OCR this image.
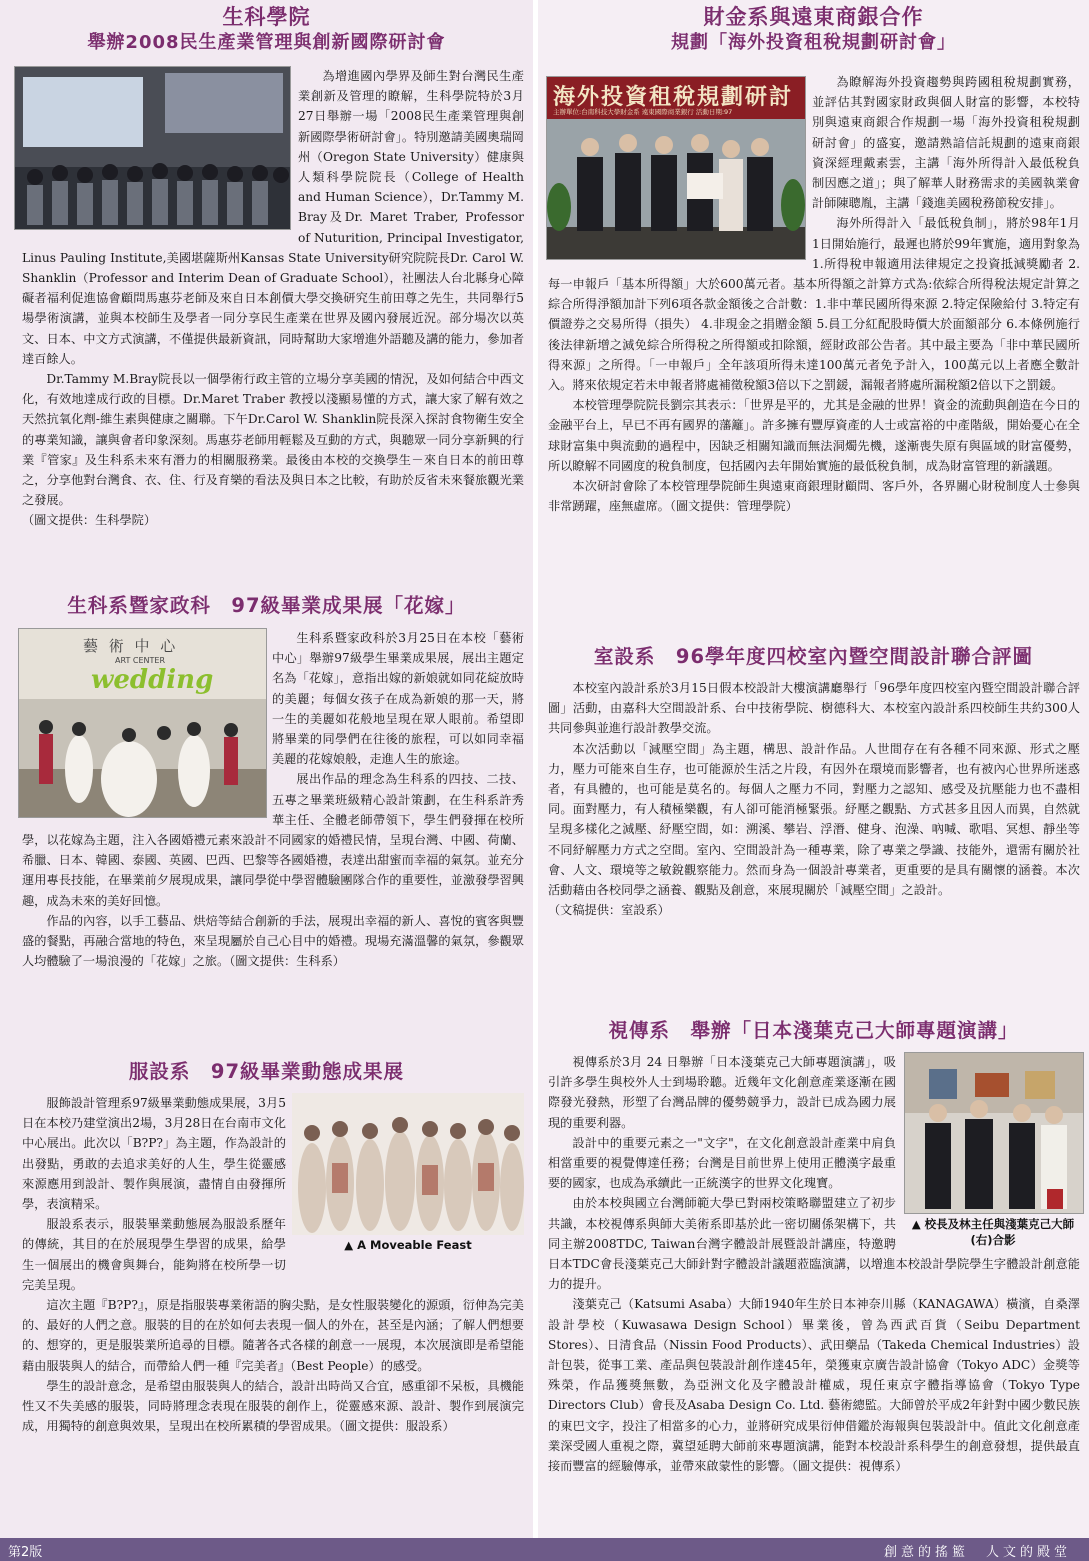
生科學院
舉辦2008民生產業管理與創新國際研討會

為增進國內學界及師生對台灣民生產業創新及管理的瞭解，生科學院特於3月27日舉辦一場「2008民生產業管理與創新國際學術研討會」。特別邀請美國奧瑞岡州（Oregon State University）健康與人類科學院院長（College of Health and Human Science），Dr.Tammy M. Bray及Dr. Maret Traber, Professor of Nuturition, Principal Investigator, Linus Pauling Institute,美國堪薩斯州Kansas State University研究院院長Dr. Carol W. Shanklin（Professor and Interim Dean of Graduate School），社團法人台北縣身心障礙者福利促進協會顧問馬惠芬老師及來自日本創價大學交換研究生前田尊之先生，共同舉行5場學術演講，並與本校師生及學者一同分享民生產業在世界及國內發展近況。部分場次以英文、日本、中文方式演講，不僅提供最新資訊，同時幫助大家增進外語聽及講的能力，參加者達百餘人。

Dr.Tammy M.Bray院長以一個學術行政主管的立場分享美國的情況，及如何結合中西文化，有效地達成行政的目標。Dr.Maret Traber 教授以淺顯易懂的方式，讓大家了解有效之天然抗氧化劑-維生素與健康之關聯。下午Dr.Carol W. Shanklin院長深入探討食物衛生安全的專業知識，讓與會者印象深刻。馬惠芬老師用輕鬆及互動的方式，與聽眾一同分享新興的行業『管家』及生科系未來有潛力的相關服務業。最後由本校的交換學生－來自日本的前田尊之，分享他對台灣食、衣、住、行及育樂的看法及與日本之比較，有助於反省未來餐旅觀光業之發展。

（圖文提供：生科學院）

生科系暨家政科　97級畢業成果展「花嫁」
藝 術 中 心
ART CENTER
wedding

生科系暨家政科於3月25日在本校「藝術中心」舉辦97級學生畢業成果展，展出主題定名為「花嫁」，意指出嫁的新娘就如同花綻放時的美麗；每個女孩子在成為新娘的那一天，將一生的美麗如花般地呈現在眾人眼前。希望即將畢業的同學們在往後的旅程，可以如同幸福美麗的花嫁娘般，走進人生的旅途。

展出作品的理念為生科系的四技、二技、五專之畢業班級精心設計策劃，在生科系許秀華主任、全體老師帶領下，學生們發揮在校所學，以花嫁為主題，注入各國婚禮元素來設計不同國家的婚禮民情，呈現台灣、中國、荷蘭、希臘、日本、韓國、泰國、英國、巴西、巴黎等各國婚禮，表達出甜蜜而幸福的氣氛。並充分運用專長技能，在畢業前夕展現成果，讓同學從中學習體驗團隊合作的重要性，並激發學習興趣，成為未來的美好回憶。

作品的內容，以手工藝品、烘焙等結合創新的手法，展現出幸福的新人、喜悅的賓客與豐盛的餐點，再融合當地的特色，來呈現屬於自己心目中的婚禮。現場充滿溫馨的氣氛，參觀眾人均體驗了一場浪漫的「花嫁」之旅。（圖文提供：生科系）

服設系　97級畢業動態成果展
▲ A Moveable Feast

服飾設計管理系97級畢業動態成果展，3月5日在本校乃建堂演出2場，3月28日在台南市文化中心展出。此次以「B?P?」為主題，作為設計的出發點，勇敢的去追求美好的人生，學生從靈感來源應用到設計、製作與展演，盡情自由發揮所學，表演精采。

服設系表示，服裝畢業動態展為服設系歷年的傳統，其目的在於展現學生學習的成果，給學生一個展出的機會與舞台，能夠將在校所學一切完美呈現。

這次主題『B?P?』，原是指服裝專業術語的胸尖點，是女性服裝變化的源頭，衍伸為完美的、最好的人們之意。服裝的目的在於如何去表現一個人的外在，甚至是內涵；了解人們想要的、想穿的，更是服裝業所追尋的目標。隨著各式各樣的創意一一展現，本次展演即是希望能藉由服裝與人的結合，而帶給人們一種『完美者』（Best People）的感受。

學生的設計意念，是希望由服裝與人的結合，設計出時尚又合宜，感重卻不呆板，具機能性又不失美感的服裝，同時將理念表現在服裝的創作上，從靈感來源、設計、製作到展演完成，用獨特的創意與效果，呈現出在校所累積的學習成果。（圖文提供：服設系）

財金系與遠東商銀合作
規劃「海外投資租稅規劃研討會」
海外投資租稅規劃研討
主辦單位:台南科技大學財金系 遠東國際商業銀行 活動日期:97

為瞭解海外投資趨勢與跨國租稅規劃實務，並評估其對國家財政與個人財富的影響，本校特別與遠東商銀合作規劃一場「海外投資租稅規劃研討會」的盛宴，邀請熟諳信託規劃的遠東商銀資深經理戴素雲，主講「海外所得計入最低稅負制因應之道」；與了解華人財務需求的美國執業會計師陳聰胤，主講「錢進美國稅務節稅安排」。

海外所得計入「最低稅負制」，將於98年1月1日開始施行，最遲也將於99年實施，適用對象為1.所得稅申報適用法律規定之投資抵減獎勵者 2.每一申報戶「基本所得額」大於600萬元者。基本所得額之計算方式為:依綜合所得稅法規定計算之綜合所得淨額加計下列6項各款金額後之合計數：1.非中華民國所得來源 2.特定保險給付 3.特定有價證券之交易所得（損失） 4.非現金之捐贈金額 5.員工分紅配股時價大於面額部分 6.本條例施行後法律新增之減免綜合所得稅之所得額或扣除額，經財政部公告者。其中最主要為「非中華民國所得來源」之所得。「一申報戶」全年該項所得未達100萬元者免予計入，100萬元以上者應全數計入。將來依規定若未申報者將處補徵稅額3倍以下之罰鍰，漏報者將處所漏稅額2倍以下之罰鍰。

本校管理學院院長劉宗其表示：「世界是平的，尤其是金融的世界！資金的流動與創造在今日的金融平台上，早已不再有國界的藩籬」。許多擁有豐厚資產的人士或富裕的中產階級，開始憂心在全球財富集中與流動的過程中，因缺乏相關知識而無法洞燭先機，遂漸喪失原有與區域的財富優勢，所以瞭解不同國度的稅負制度，包括國內去年開始實施的最低稅負制，成為財富管理的新議題。

本次研討會除了本校管理學院師生與遠東商銀理財顧問、客戶外，各界關心財稅制度人士參與非常踴躍，座無虛席。（圖文提供：管理學院）

室設系　96學年度四校室內暨空間設計聯合評圖

本校室內設計系於3月15日假本校設計大樓演講廳舉行「96學年度四校室內暨空間設計聯合評圖」活動，由嘉科大空間設計系、台中技術學院、樹德科大、本校室內設計系四校師生共約300人共同參與並進行設計教學交流。

本次活動以「減壓空間」為主題，構思、設計作品。人世間存在有各種不同來源、形式之壓力，壓力可能來自生存，也可能源於生活之片段，有因外在環境而影響者，也有被內心世界所迷惑者，有具體的，也可能是莫名的。每個人之壓力不同，對壓力之認知、感受及抗壓能力也不盡相同。面對壓力，有人積極樂觀，有人卻可能消極緊張。紓壓之觀點、方式甚多且因人而異，自然就呈現多樣化之減壓、紓壓空間，如：溯溪、攀岩、浮潛、健身、泡澡、吶喊、歌唱、冥想、靜坐等不同紓解壓力方式之空間。室內、空間設計為一種專業，除了專業之學識、技能外，還需有關於社會、人文、環境等之敏銳觀察能力。然而身為一個設計專業者，更重要的是具有關懷的涵養。本次活動藉由各校同學之涵養、觀點及創意，來展現關於「減壓空間」之設計。

（文稿提供：室設系）

視傳系　舉辦「日本淺葉克己大師專題演講」
▲ 校長及林主任與淺葉克己大師(右)合影

視傳系於3月 24 日舉辦「日本淺葉克己大師專題演講」，吸引許多學生與校外人士到場聆聽。近幾年文化創意產業逐漸在國際發光發熱，形塑了台灣品牌的優勢競爭力，設計已成為國力展現的重要利器。

設計中的重要元素之一"文字"，在文化創意設計產業中肩負相當重要的視覺傳達任務；台灣是目前世界上使用正體漢字最重要的國家，也成為承續此一正統漢字的世界文化瑰寶。

由於本校與國立台灣師範大學已對兩校策略聯盟建立了初步共識，本校視傳系與師大美術系即基於此一密切關係架構下，共同主辦2008TDC, Taiwan台灣字體設計展暨設計講座，特邀聘日本TDC會長淺葉克己大師針對字體設計議題蒞臨演講，以增進本校設計學院學生字體設計創意能力的提升。

淺葉克己（Katsumi Asaba）大師1940年生於日本神奈川縣（KANAGAWA）橫濱，自桑澤設計學校（Kuwasawa Design School）畢業後，曾為西武百貨（Seibu Department Stores）、日清食品（Nissin Food Products）、武田藥品（Takeda Chemical Industries）設計包裝，從事工業、產品與包裝設計創作達45年，榮獲東京廣告設計協會（Tokyo ADC）金獎等殊榮，作品獲獎無數，為亞洲文化及字體設計權威，現任東京字體指導協會（Tokyo Type Directors Club）會長及Asaba Design Co. Ltd. 藝術總監。大師曾於平成2年針對中國少數民族的東巴文字，投注了相當多的心力，並將研究成果衍伸借鑑於海報與包裝設計中。值此文化創意產業深受國人重視之際，冀望延聘大師前來專題演講，能對本校設計系科學生的創意發想，提供最直接而豐富的經驗傳承，並帶來啟蒙性的影響。（圖文提供：視傳系）

第2版	創意的搖籃　人文的殿堂
